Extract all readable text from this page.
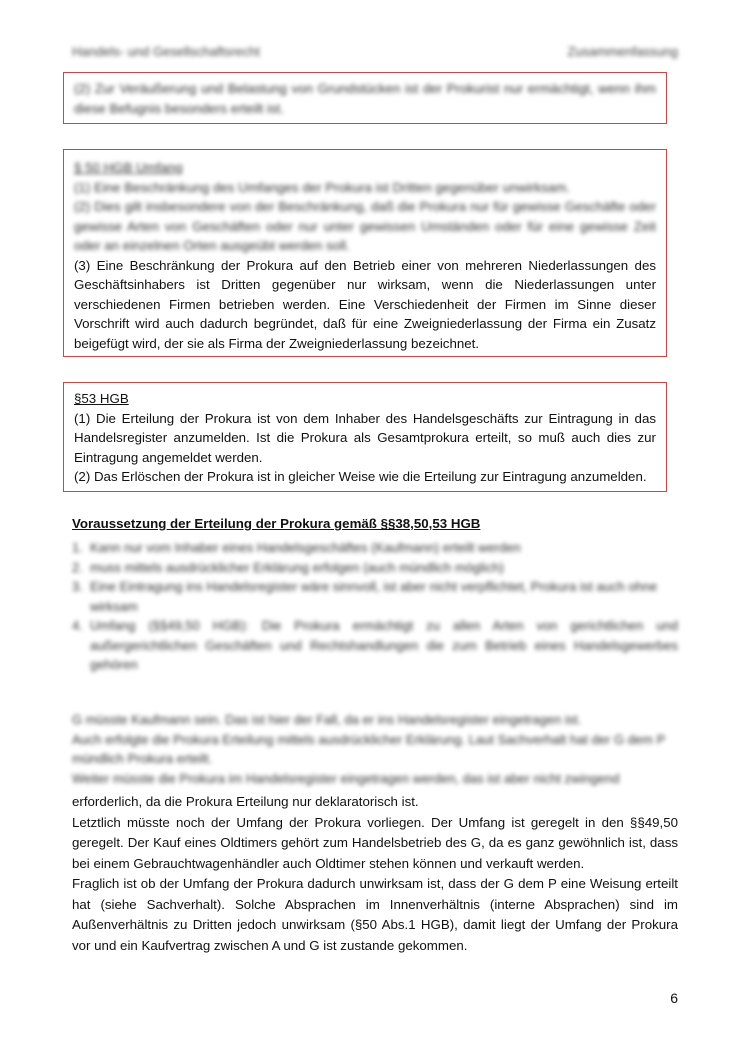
Handels- und Gesellschaftsrecht	Zusammenfassung

(2) Zur Veräußerung und Belastung von Grundstücken ist der Prokurist nur ermächtigt, wenn ihm diese Befugnis besonders erteilt ist.

§ 50 HGB Umfang

(1) Eine Beschränkung des Umfanges der Prokura ist Dritten gegenüber unwirksam.

(2) Dies gilt insbesondere von der Beschränkung, daß die Prokura nur für gewisse Geschäfte oder gewisse Arten von Geschäften oder nur unter gewissen Umständen oder für eine gewisse Zeit oder an einzelnen Orten ausgeübt werden soll.

(3) Eine Beschränkung der Prokura auf den Betrieb einer von mehreren Niederlassungen des Geschäftsinhabers ist Dritten gegenüber nur wirksam, wenn die Niederlassungen unter verschiedenen Firmen betrieben werden. Eine Verschiedenheit der Firmen im Sinne dieser Vorschrift wird auch dadurch begründet, daß für eine Zweigniederlassung der Firma ein Zusatz beigefügt wird, der sie als Firma der Zweigniederlassung bezeichnet.

§53 HGB

(1) Die Erteilung der Prokura ist von dem Inhaber des Handelsgeschäfts zur Eintragung in das Handelsregister anzumelden. Ist die Prokura als Gesamtprokura erteilt, so muß auch dies zur Eintragung angemeldet werden.

(2) Das Erlöschen der Prokura ist in gleicher Weise wie die Erteilung zur Eintragung anzumelden.

Voraussetzung der Erteilung der Prokura gemäß §§38,50,53 HGB
1. Kann nur vom Inhaber eines Handelsgeschäftes (Kaufmann) erteilt werden
2. muss mittels ausdrücklicher Erklärung erfolgen (auch mündlich möglich)
3. Eine Eintragung ins Handelsregister wäre sinnvoll, ist aber nicht verpflichtet, Prokura ist auch ohne wirksam
4. Umfang (§§49,50 HGB): Die Prokura ermächtigt zu allen Arten von gerichtlichen und außergerichtlichen Geschäften und Rechtshandlungen die zum Betrieb eines Handelsgewerbes gehören
G müsste Kaufmann sein. Das ist hier der Fall, da er ins Handelsregister eingetragen ist.
Auch erfolgte die Prokura Erteilung mittels ausdrücklicher Erklärung. Laut Sachverhalt hat der G dem P mündlich Prokura erteilt.
Weiter müsste die Prokura im Handelsregister eingetragen werden, das ist aber nicht zwingend

erforderlich, da die Prokura Erteilung nur deklaratorisch ist.

Letztlich müsste noch der Umfang der Prokura vorliegen. Der Umfang ist geregelt in den §§49,50 geregelt. Der Kauf eines Oldtimers gehört zum Handelsbetrieb des G, da es ganz gewöhnlich ist, dass bei einem Gebrauchtwagenhändler auch Oldtimer stehen können und verkauft werden.

Fraglich ist ob der Umfang der Prokura dadurch unwirksam ist, dass der G dem P eine Weisung erteilt hat (siehe Sachverhalt). Solche Absprachen im Innenverhältnis (interne Absprachen) sind im Außenverhältnis zu Dritten jedoch unwirksam (§50 Abs.1 HGB), damit liegt der Umfang der Prokura vor und ein Kaufvertrag zwischen A und G ist zustande gekommen.

6
